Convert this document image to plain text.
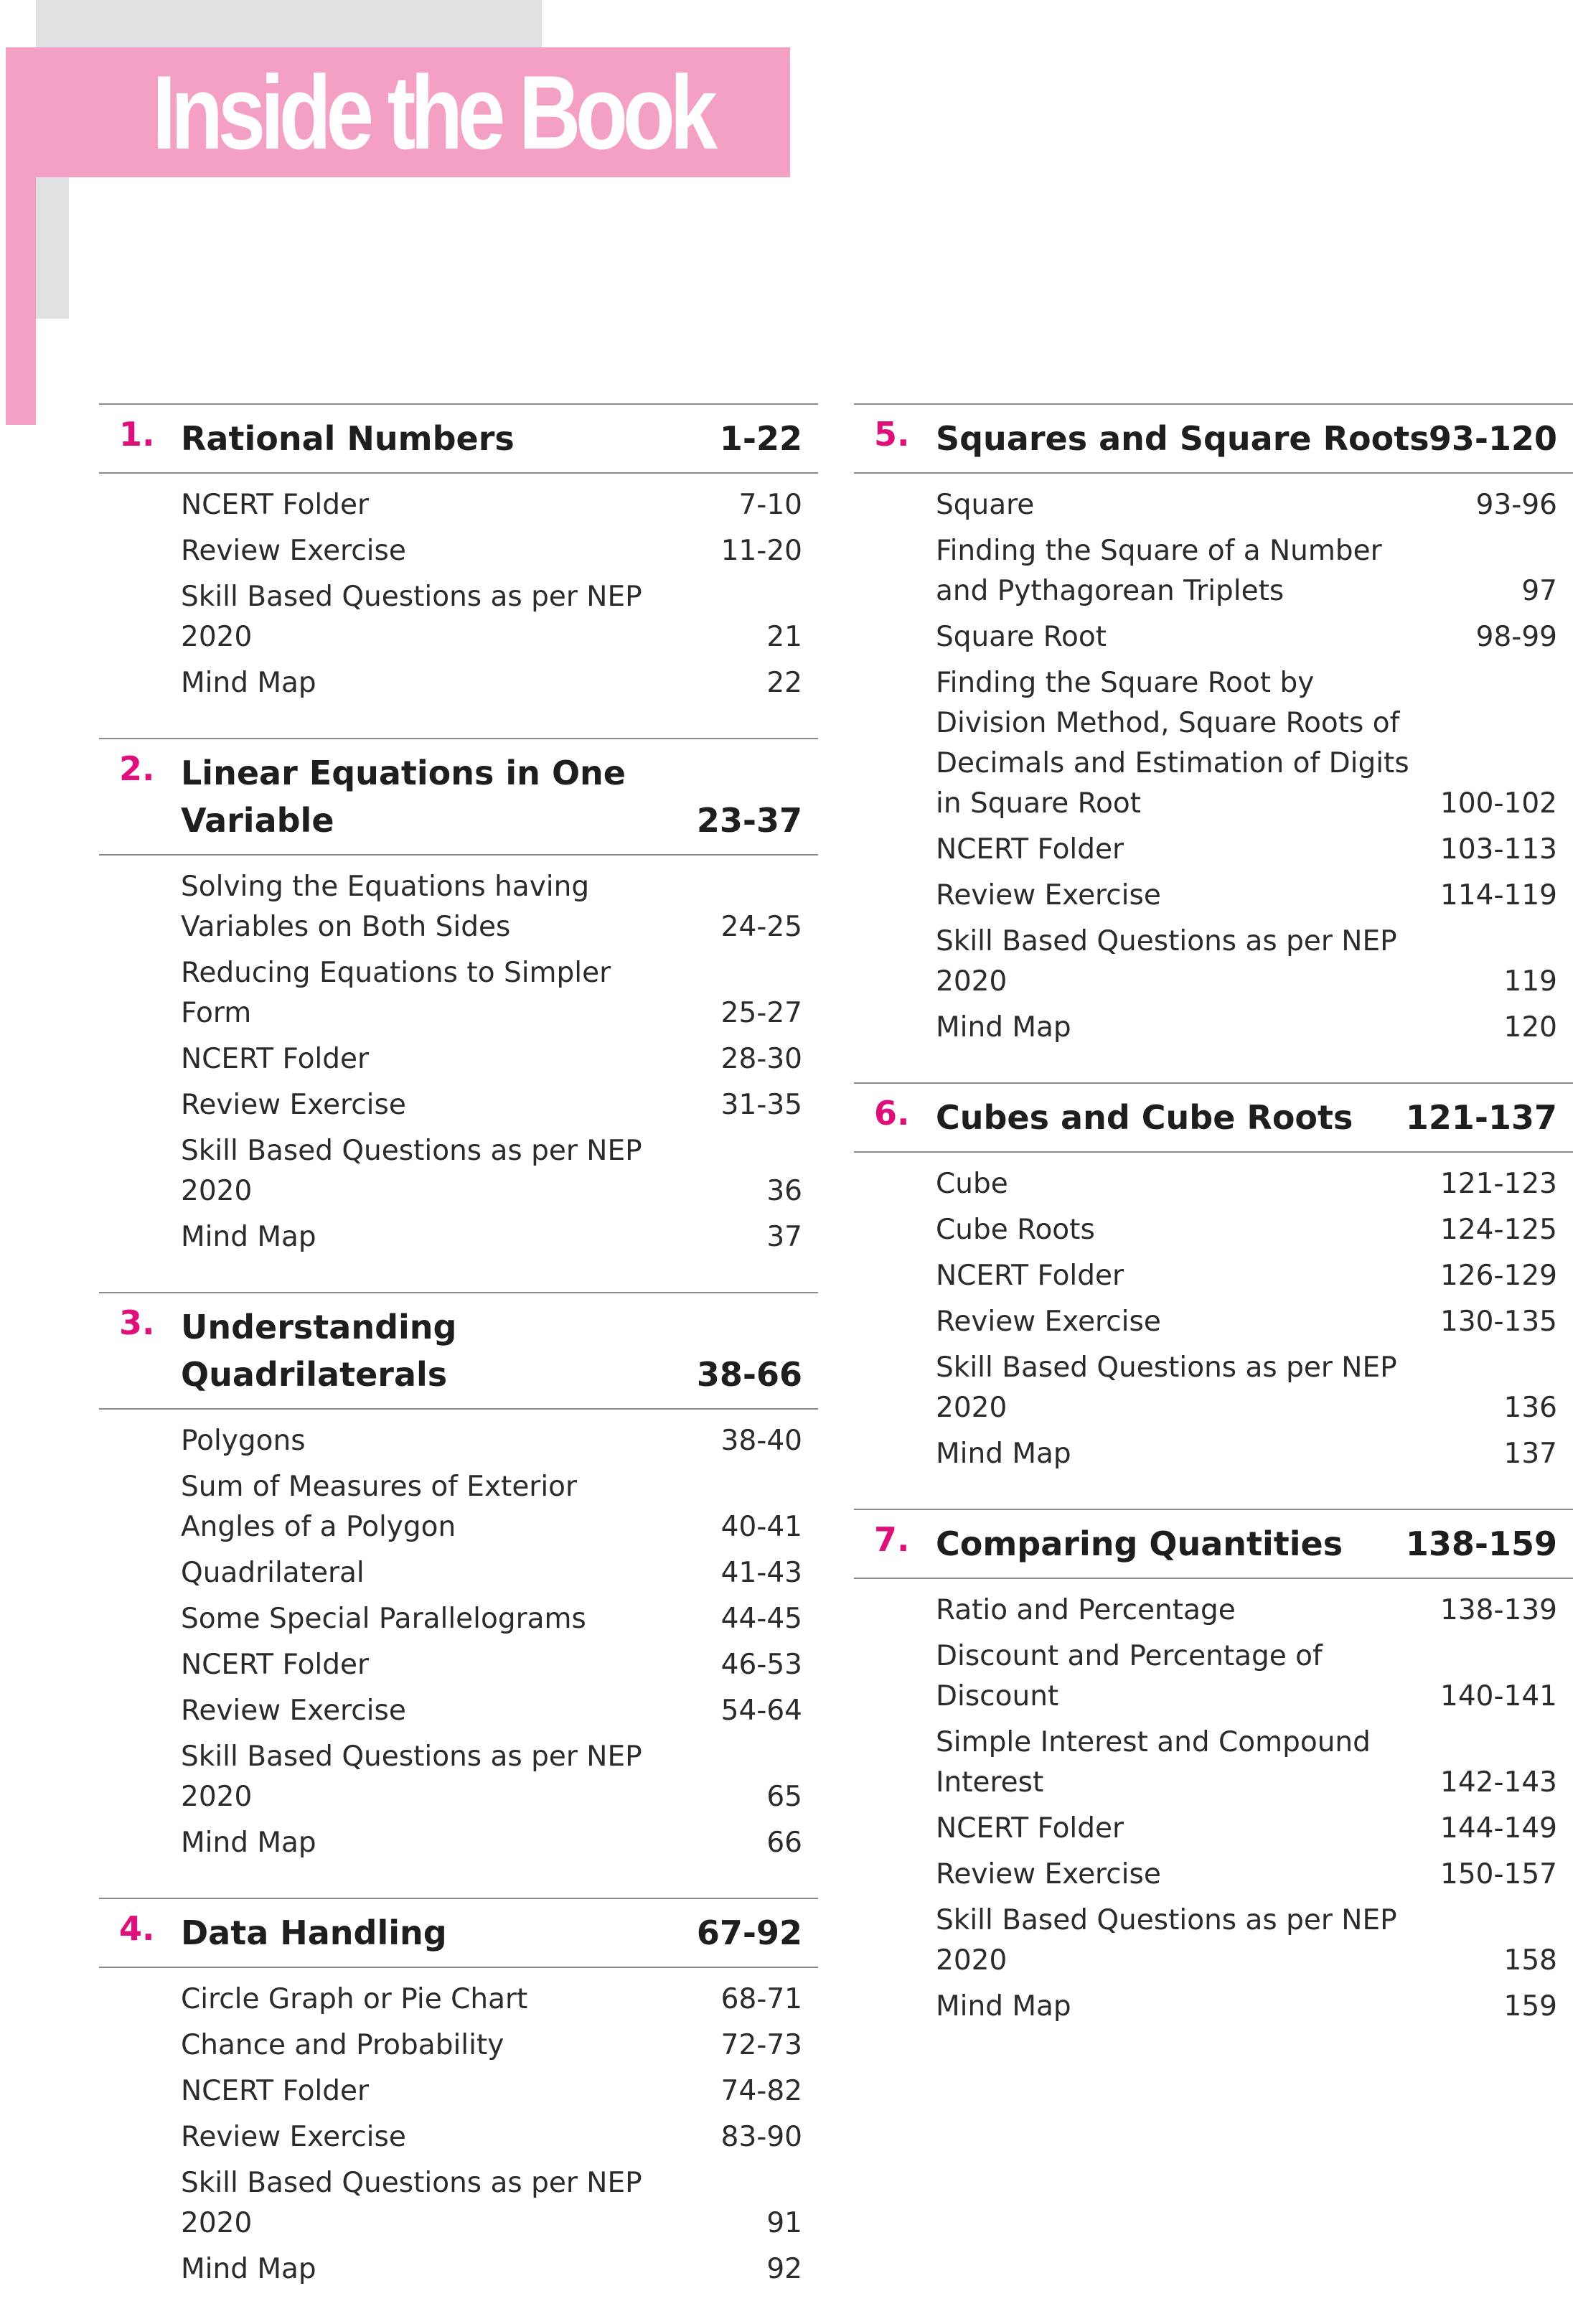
Inside the Book
1. Rational Numbers	1-22
NCERT Folder	7-10
Review Exercise	11-20
Skill Based Questions as per NEP 2020	21
Mind Map	22
2. Linear Equations in One Variable	23-37
Solving the Equations having Variables on Both Sides	24-25
Reducing Equations to Simpler Form	25-27
NCERT Folder	28-30
Review Exercise	31-35
Skill Based Questions as per NEP 2020	36
Mind Map	37
3. Understanding Quadrilaterals	38-66
Polygons	38-40
Sum of Measures of Exterior Angles of a Polygon	40-41
Quadrilateral	41-43
Some Special Parallelograms	44-45
NCERT Folder	46-53
Review Exercise	54-64
Skill Based Questions as per NEP 2020	65
Mind Map	66
4. Data Handling	67-92
Circle Graph or Pie Chart	68-71
Chance and Probability	72-73
NCERT Folder	74-82
Review Exercise	83-90
Skill Based Questions as per NEP 2020	91
Mind Map	92
5. Squares and Square Roots 93-120
Square	93-96
Finding the Square of a Number and Pythagorean Triplets	97
Square Root	98-99
Finding the Square Root by Division Method, Square Roots of Decimals and Estimation of Digits in Square Root	100-102
NCERT Folder	103-113
Review Exercise	114-119
Skill Based Questions as per NEP 2020	119
Mind Map	120
6. Cubes and Cube Roots	121-137
Cube	121-123
Cube Roots	124-125
NCERT Folder	126-129
Review Exercise	130-135
Skill Based Questions as per NEP 2020	136
Mind Map	137
7. Comparing Quantities	138-159
Ratio and Percentage	138-139
Discount and Percentage of Discount	140-141
Simple Interest and Compound Interest	142-143
NCERT Folder	144-149
Review Exercise	150-157
Skill Based Questions as per NEP 2020	158
Mind Map	159
